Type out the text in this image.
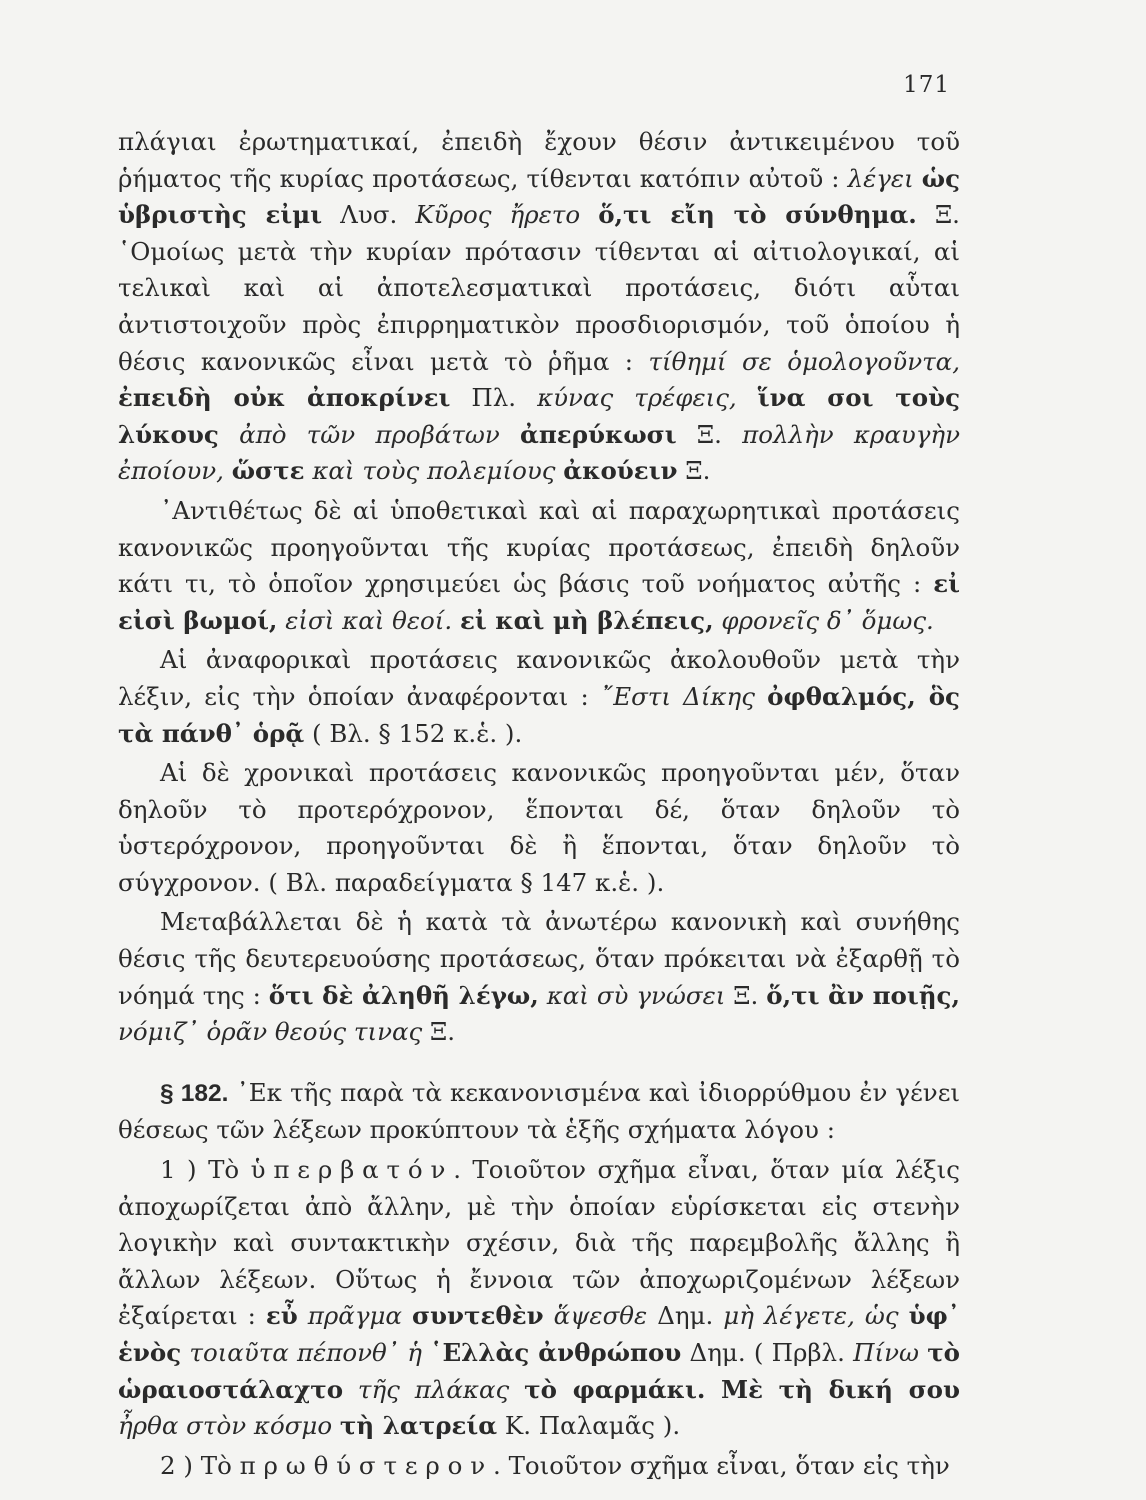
171

πλάγιαι ἐρωτηματικαί, ἐπειδὴ ἔχουν θέσιν ἀντικειμένου τοῦ ῥήματος τῆς κυρίας προτάσεως, τίθενται κατόπιν αὐτοῦ : λέγει ὡς ὑβριστὴς εἰμι Λυσ. Κῦρος ἤρετο ὅ,τι εἴη τὸ σύνθημα. Ξ. ῾Ομοίως μετὰ τὴν κυρίαν πρότασιν τίθενται αἱ αἰτιολογικαί, αἱ τελικαὶ καὶ αἱ ἀποτελεσματικαὶ προτάσεις, διότι αὗται ἀντιστοιχοῦν πρὸς ἐπιρρηματικὸν προσδιορισμόν, τοῦ ὁποίου ἡ θέσις κανονικῶς εἶναι μετὰ τὸ ῥῆμα : τίθημί σε ὁμολογοῦντα, ἐπειδὴ οὐκ ἀποκρίνει Πλ. κύνας τρέφεις, ἵνα σοι τοὺς λύκους ἀπὸ τῶν προβάτων ἀπερύκωσι Ξ. πολλὴν κραυγὴν ἐποίουν, ὥστε καὶ τοὺς πολεμίους ἀκούειν Ξ.

᾽Αντιθέτως δὲ αἱ ὑποθετικαὶ καὶ αἱ παραχωρητικαὶ προτάσεις κανονικῶς προηγοῦνται τῆς κυρίας προτάσεως, ἐπειδὴ δηλοῦν κάτι τι, τὸ ὁποῖον χρησιμεύει ὡς βάσις τοῦ νοήματος αὐτῆς : εἰ εἰσὶ βωμοί, εἰσὶ καὶ θεοί. εἰ καὶ μὴ βλέπεις, φρονεῖς δ᾽ ὅμως.

Αἱ ἀναφορικαὶ προτάσεις κανονικῶς ἀκολουθοῦν μετὰ τὴν λέξιν, εἰς τὴν ὁποίαν ἀναφέρονται : ῎Εστι Δίκης ὀφθαλμός, ὃς τὰ πάνθ᾽ ὁρᾷ ( Βλ. § 152 κ.ἑ. ).

Αἱ δὲ χρονικαὶ προτάσεις κανονικῶς προηγοῦνται μέν, ὅταν δηλοῦν τὸ προτερόχρονον, ἕπονται δέ, ὅταν δηλοῦν τὸ ὑστερόχρονον, προηγοῦνται δὲ ἢ ἕπονται, ὅταν δηλοῦν τὸ σύγχρονον. ( Βλ. παραδείγματα § 147 κ.ἑ. ).

Μεταβάλλεται δὲ ἡ κατὰ τὰ ἀνωτέρω κανονικὴ καὶ συνήθης θέσις τῆς δευτερευούσης προτάσεως, ὅταν πρόκειται νὰ ἐξαρθῇ τὸ νόημά της : ὅτι δὲ ἀληθῆ λέγω, καὶ σὺ γνώσει Ξ. ὅ,τι ἂν ποιῇς, νόμιζ᾽ ὁρᾶν θεούς τινας Ξ.

§ 182. ᾽Εκ τῆς παρὰ τὰ κεκανονισμένα καὶ ἰδιορρύθμου ἐν γένει θέσεως τῶν λέξεων προκύπτουν τὰ ἑξῆς σχήματα λόγου :

1 ) Τὸ ὑπερβατόν. Τοιοῦτον σχῆμα εἶναι, ὅταν μία λέξις ἀποχωρίζεται ἀπὸ ἄλλην, μὲ τὴν ὁποίαν εὑρίσκεται εἰς στενὴν λογικὴν καὶ συντακτικὴν σχέσιν, διὰ τῆς παρεμβολῆς ἄλλης ἢ ἄλλων λέξεων. Οὕτως ἡ ἔννοια τῶν ἀποχωριζομένων λέξεων ἐξαίρεται : εὖ πρᾶγμα συντεθὲν ἅψεσθε Δημ. μὴ λέγετε, ὡς ὑφ᾽ ἑνὸς τοιαῦτα πέπονθ᾽ ἡ ῾Ελλὰς ἀνθρώπου Δημ. ( Πρβλ. Πίνω τὸ ὡραιοστάλαχτο τῆς πλάκας τὸ φαρμάκι. Μὲ τὴ δική σου ἦρθα στὸν κόσμο τὴ λατρεία Κ. Παλαμᾶς ).

2 ) Τὸ πρωθύστερον. Τοιοῦτον σχῆμα εἶναι, ὅταν εἰς τὴν
